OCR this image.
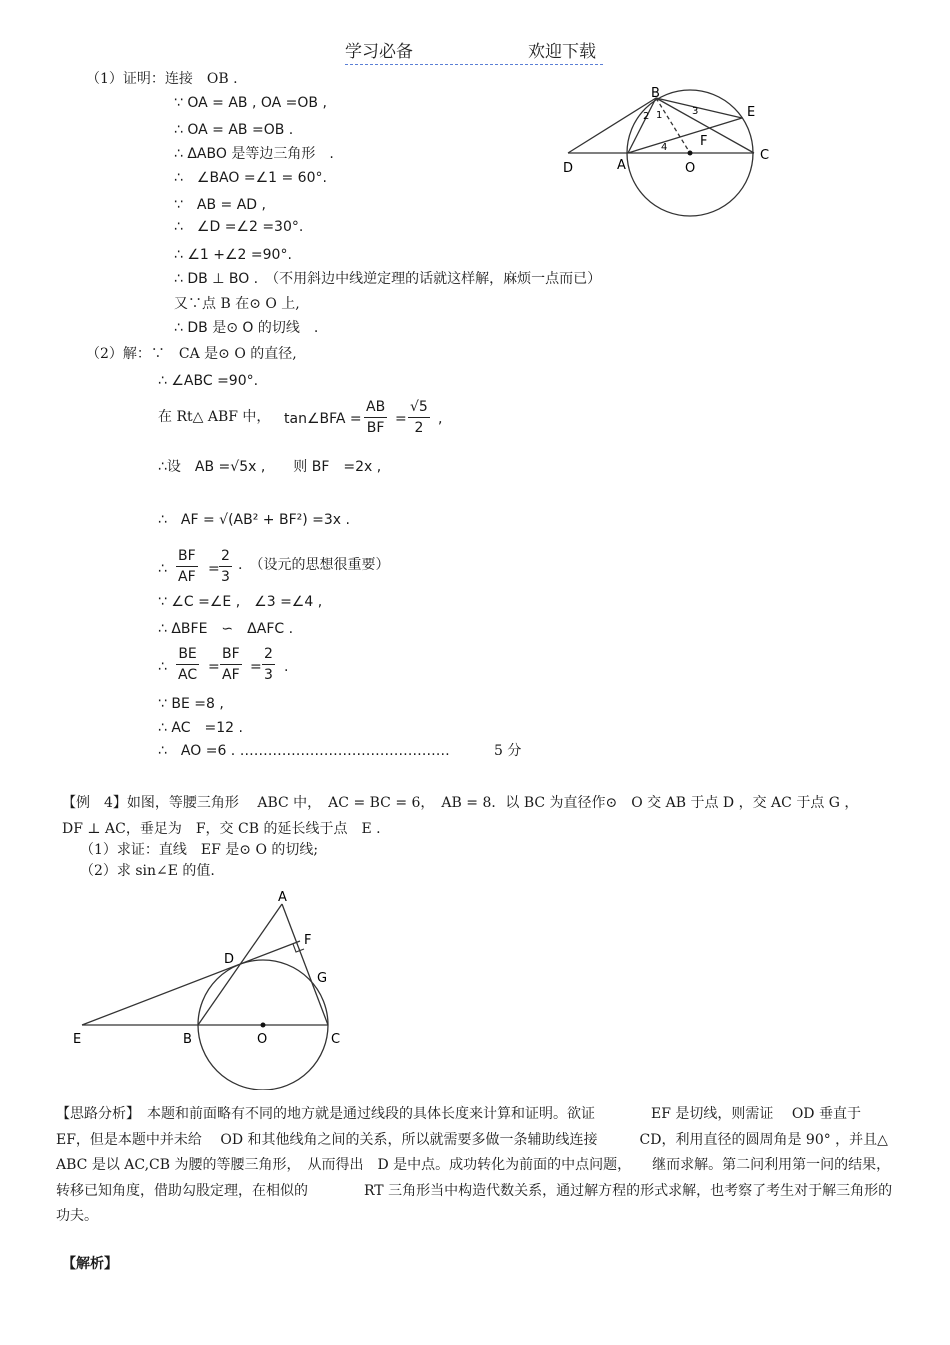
学习必备	欢迎下载
（1）证明：连接　OB .
∵ OA = AB , OA =OB ,
∴ OA = AB =OB .
∴ ΔABO 是等边三角形　.
∴　∠BAO =∠1 = 60°.
∵　AB = AD ,
∴　∠D =∠2 =30°.
∴ ∠1 +∠2 =90°.
∴ DB ⊥ BO .　（不用斜边中线逆定理的话就这样解，麻烦一点而已）
又∵点 B 在⊙ O 上,
∴ DB 是⊙ O 的切线　.
B
E
F
D	A	O
C
1
2	3
4
（2）解：∵　CA 是⊙ O 的直径,
∴ ∠ABC =90°.
在 Rt△ ABF 中， tan∠BFA =
AB
BF
=
√5
2
,
∴设　AB =√5x ,　　则 BF　=2x ,
∴　AF = √(AB² + BF²) =3x .
∴
BF
AF =
2
3
.　（设元的思想很重要）
∵ ∠C =∠E ,　∠3 =∠4 ,
∴ ΔBFE　∽　ΔAFC .
∴
BE
AC =
BF
AF =
2
3 .
∵ BE =8 ,
∴ AC　=12 .
∴　AO =6 . ………………………………………	5 分
【例　4】如图，等腰三角形　 ABC 中，　AC = BC = 6，　AB = 8．以 BC 为直径作⊙　O 交 AB 于点 D ，交 AC 于点 G ，
DF ⊥ AC，垂足为　F，交 CB 的延长线于点　E .
（1）求证：直线　EF 是⊙ O 的切线;
（2）求 sin∠E 的值.
A
F
D
G
E	B	O	C
【思路分析】　本题和前面略有不同的地方就是通过线段的具体长度来计算和证明。欲证　　　　EF 是切线，则需证　 OD 垂直于 EF，但是本题中并未给　 OD 和其他线角之间的关系，所以就需要多做一条辅助线连接　　　CD，利用直径的圆周角是 90° ，并且△ ABC 是以 AC,CB 为腰的等腰三角形，　从而得出　D 是中点。成功转化为前面的中点问题，　　继而求解。第二问利用第一问的结果，转移已知角度，借助勾股定理，在相似的　　　　RT 三角形当中构造代数关系，通过解方程的形式求解，也考察了考生对于解三角形的功夫。
【解析】
